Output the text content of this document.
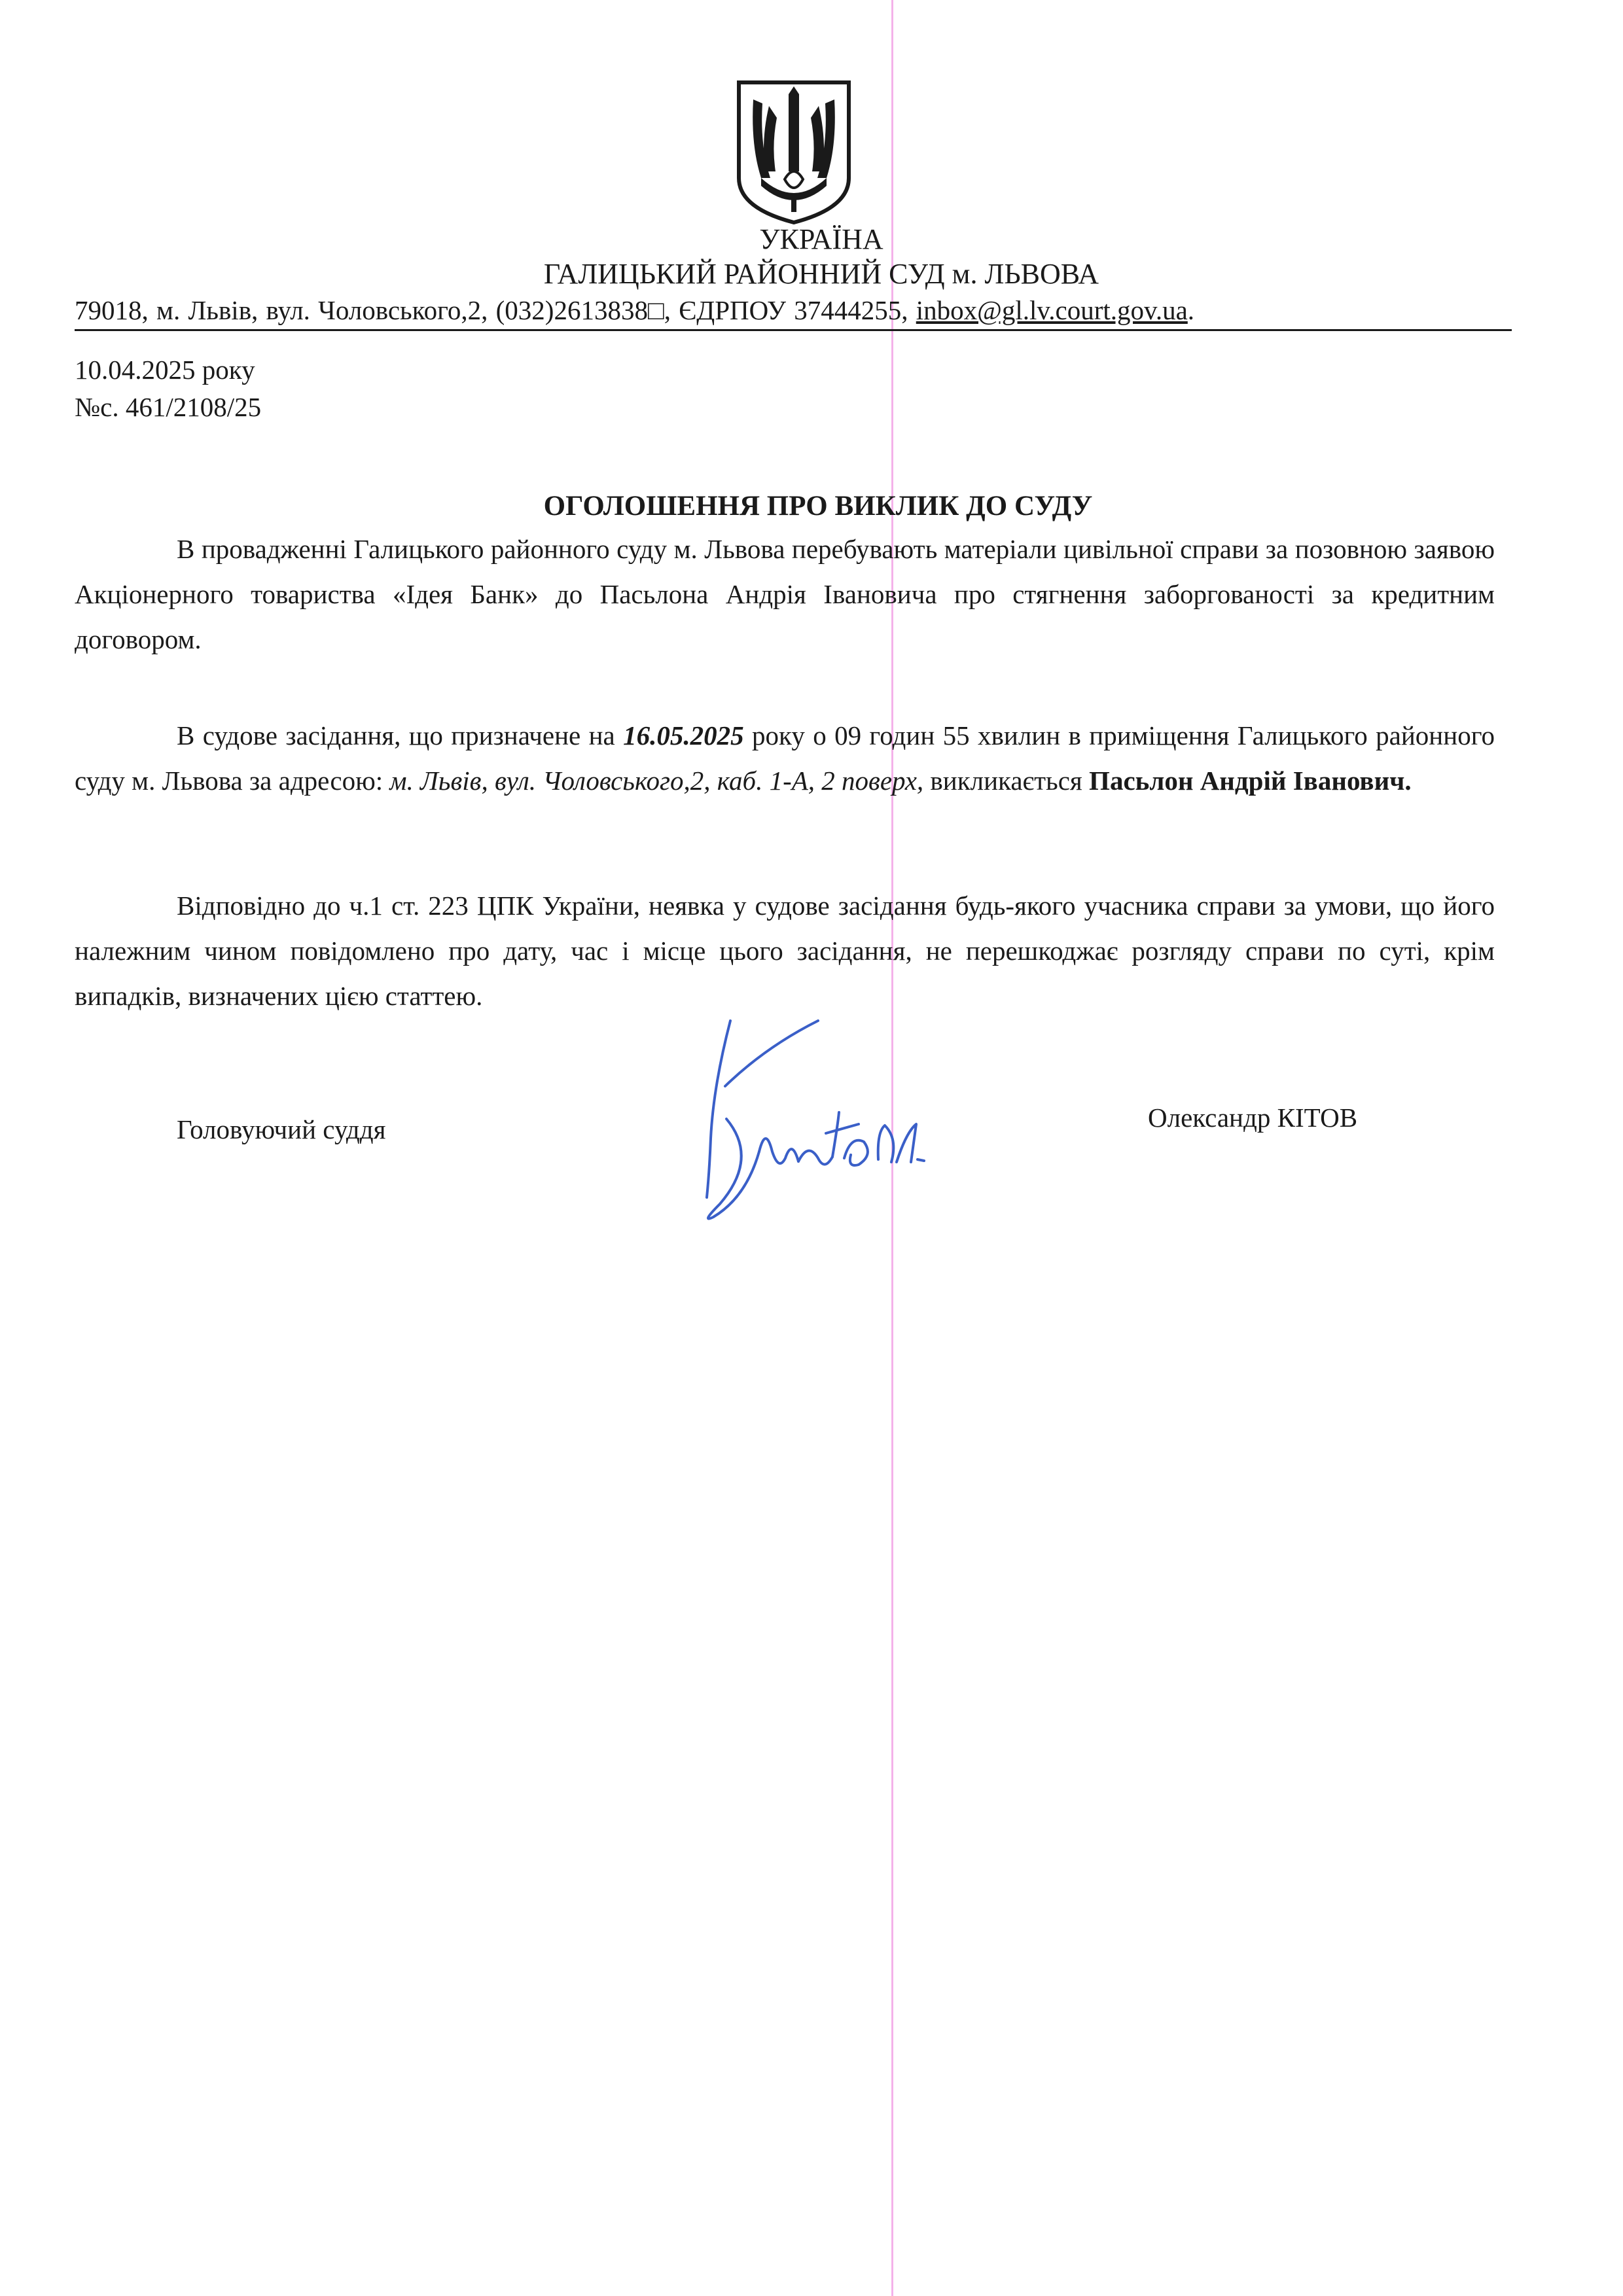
УКРАЇНА
ГАЛИЦЬКИЙ РАЙОННИЙ СУД м. ЛЬВОВА
79018, м. Львів, вул. Чоловського,2, (032)2613838□, ЄДРПОУ 37444255, inbox@gl.lv.court.gov.ua.
10.04.2025 року
№с. 461/2108/25
ОГОЛОШЕННЯ ПРО ВИКЛИК ДО СУДУ

В провадженні Галицького районного суду м. Львова перебувають матеріали цивільної справи за позовною заявою Акціонерного товариства «Ідея Банк» до Пасьлона Андрія Івановича про стягнення заборгованості за кредитним договором.

В судове засідання, що призначене на 16.05.2025 року о 09 годин 55 хвилин в приміщення Галицького районного суду м. Львова за адресою: м. Львів, вул. Чоловського,2, каб. 1-А, 2 поверх, викликається Пасьлон Андрій Іванович.

Відповідно до ч.1 ст. 223 ЦПК України, неявка у судове засідання будь-якого учасника справи за умови, що його належним чином повідомлено про дату, час і місце цього засідання, не перешкоджає розгляду справи по суті, крім випадків, визначених цією статтею.

Головуючий суддя	Олександр КІТОВ
